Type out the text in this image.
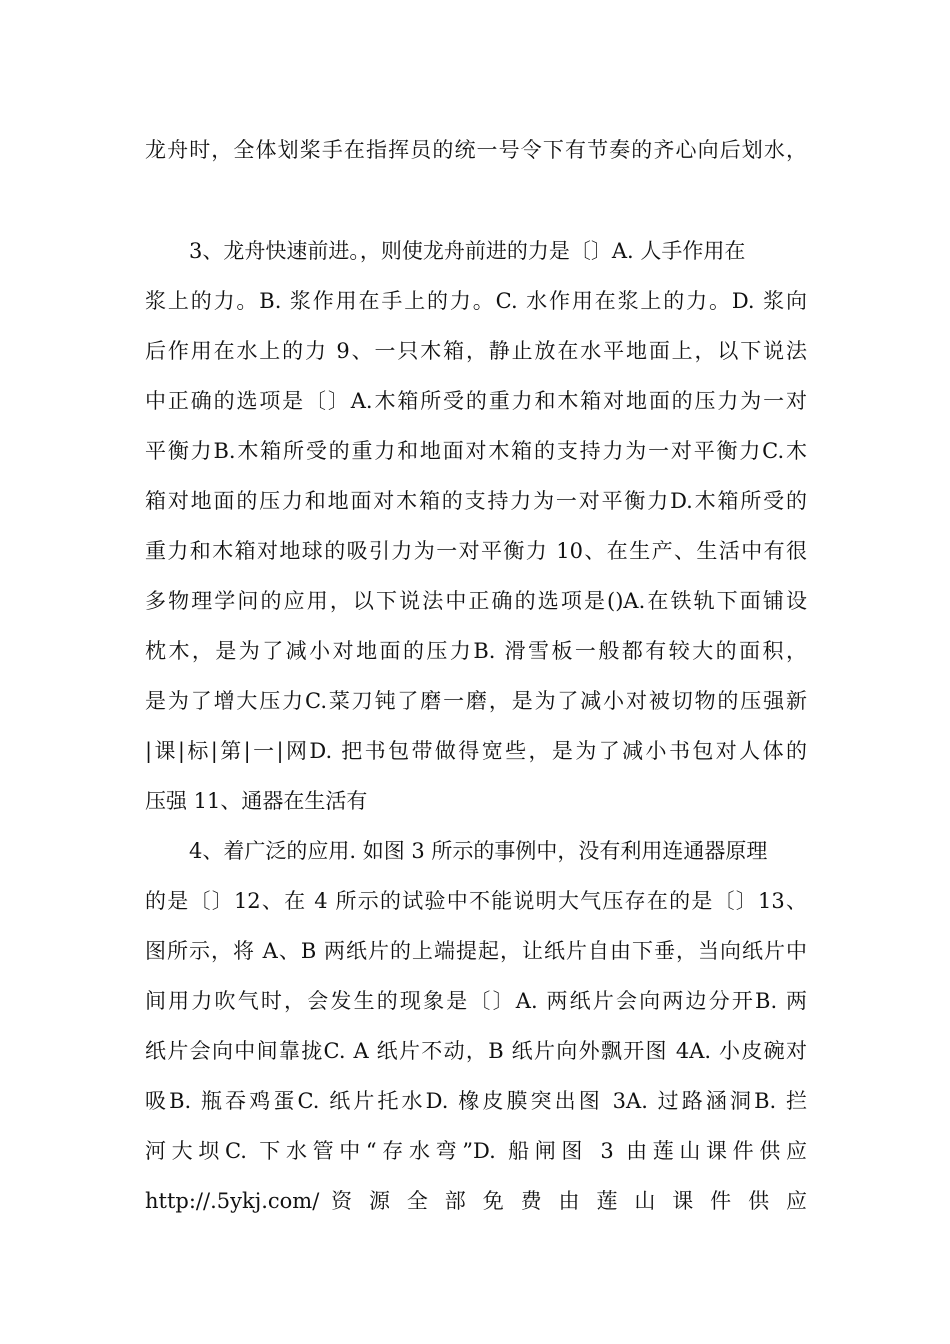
龙舟时，全体划桨手在指挥员的统一号令下有节奏的齐心向后划水，
3、龙舟快速前进。，则使龙舟前进的力是〔〕A. 人手作用在
浆上的力。B. 浆作用在手上的力。C. 水作用在浆上的力。D. 浆向
后作用在水上的力 9、一只木箱，静止放在水平地面上，以下说法
中正确的选项是〔〕A.木箱所受的重力和木箱对地面的压力为一对
平衡力B.木箱所受的重力和地面对木箱的支持力为一对平衡力C.木
箱对地面的压力和地面对木箱的支持力为一对平衡力D.木箱所受的
重力和木箱对地球的吸引力为一对平衡力 10、在生产、生活中有很
多物理学问的应用，以下说法中正确的选项是()A.在铁轨下面铺设
枕木，是为了减小对地面的压力B. 滑雪板一般都有较大的面积，
是为了增大压力C.菜刀钝了磨一磨，是为了减小对被切物的压强新
|课|标|第|一|网D. 把书包带做得宽些，是为了减小书包对人体的
压强 11、通器在生活有
4、着广泛的应用. 如图 3 所示的事例中，没有利用连通器原理
的是〔〕12、在 4 所示的试验中不能说明大气压存在的是〔〕13、
图所示，将 A、B 两纸片的上端提起，让纸片自由下垂，当向纸片中
间用力吹气时，会发生的现象是〔〕A. 两纸片会向两边分开B. 两
纸片会向中间靠拢C. A 纸片不动，B 纸片向外飘开图 4A. 小皮碗对
吸B. 瓶吞鸡蛋C. 纸片托水D. 橡皮膜突出图 3A. 过路涵洞B. 拦
河大坝C. 下水管中“存水弯”D. 船闸图 3 由莲山课件供应
http://.5ykj.com/ 资 源 全 部 免 费 由 莲 山 课 件 供 应
